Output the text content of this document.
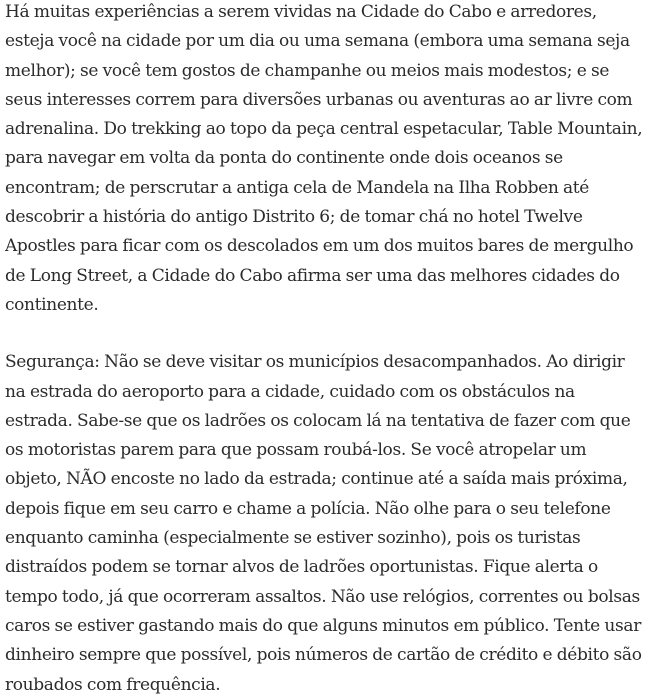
Há muitas experiências a serem vividas na Cidade do Cabo e arredores, esteja você na cidade por um dia ou uma semana (embora uma semana seja melhor); se você tem gostos de champanhe ou meios mais modestos; e se seus interesses correm para diversões urbanas ou aventuras ao ar livre com adrenalina. Do trekking ao topo da peça central espetacular, Table Mountain, para navegar em volta da ponta do continente onde dois oceanos se encontram; de perscrutar a antiga cela de Mandela na Ilha Robben até descobrir a história do antigo Distrito 6; de tomar chá no hotel Twelve Apostles para ficar com os descolados em um dos muitos bares de mergulho de Long Street, a Cidade do Cabo afirma ser uma das melhores cidades do continente.

Segurança: Não se deve visitar os municípios desacompanhados. Ao dirigir na estrada do aeroporto para a cidade, cuidado com os obstáculos na estrada. Sabe-se que os ladrões os colocam lá na tentativa de fazer com que os motoristas parem para que possam roubá-los. Se você atropelar um objeto, NÃO encoste no lado da estrada; continue até a saída mais próxima, depois fique em seu carro e chame a polícia. Não olhe para o seu telefone enquanto caminha (especialmente se estiver sozinho), pois os turistas distraídos podem se tornar alvos de ladrões oportunistas. Fique alerta o tempo todo, já que ocorreram assaltos. Não use relógios, correntes ou bolsas caros se estiver gastando mais do que alguns minutos em público. Tente usar dinheiro sempre que possível, pois números de cartão de crédito e débito são roubados com frequência.
